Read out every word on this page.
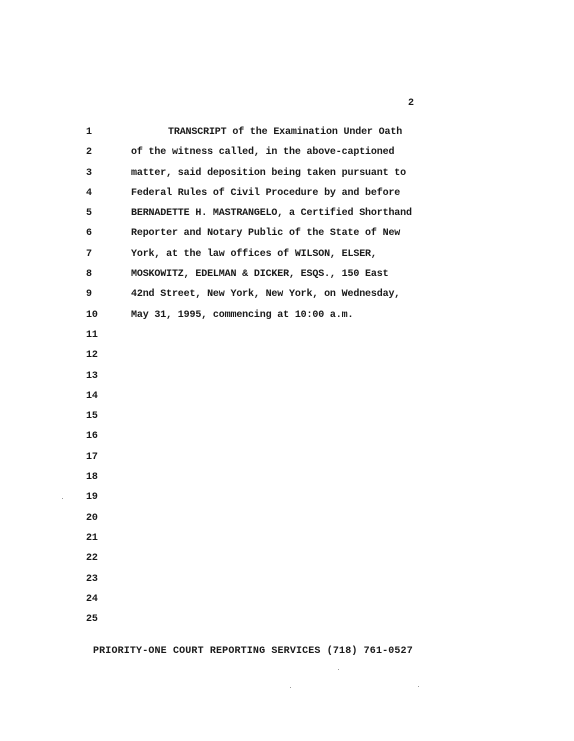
2
1	TRANSCRIPT of the Examination Under Oath
2	of the witness called, in the above-captioned
3	matter, said deposition being taken pursuant to
4	Federal Rules of Civil Procedure by and before
5	BERNADETTE H. MASTRANGELO, a Certified Shorthand
6	Reporter and Notary Public of the State of New
7	York, at the law offices of WILSON, ELSER,
8	MOSKOWITZ, EDELMAN & DICKER, ESQS., 150 East
9	42nd Street, New York, New York, on Wednesday,
10	May 31, 1995, commencing at 10:00 a.m.
11
12
13
14
15
16
17
18
19
20
21
22
23
24
25
PRIORITY-ONE COURT REPORTING SERVICES (718) 761-0527
